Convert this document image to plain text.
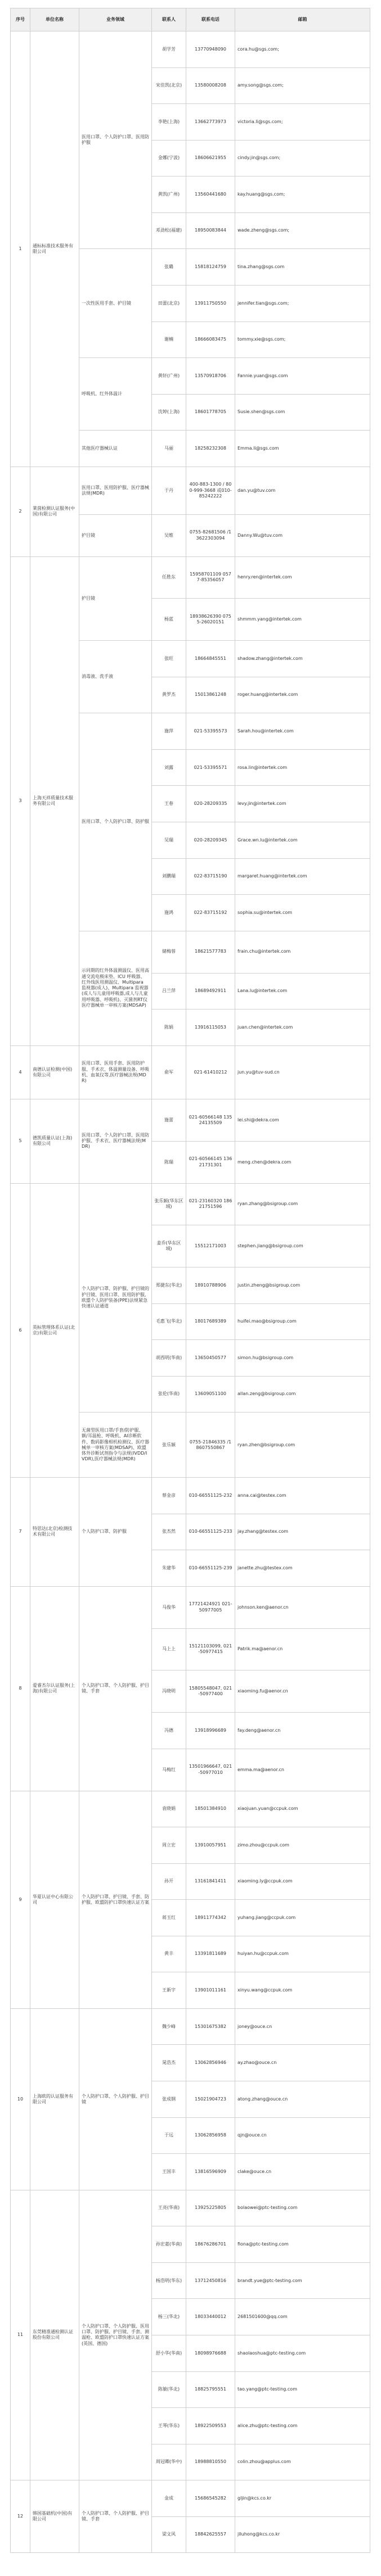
序号	单位名称	业务领域	联系人	联系电话	邮箱
1	通标标准技术服务有限公司	医用口罩、个人防护口罩、医用防护服	胡学芳	13770948090	cora.hu@sgs.com;
			宋佳凯(北京)	13580008208	amy.song@sgs.com;
			李艳(上海)	13662773973	victoria.li@sgs.com;
			金娜(宁波)	18606621955	cindy.jin@sgs.com;
			黄凯(广州)	13560441680	kay.huang@sgs.com;
			邓劲松(福建)	18950083844	wade.zheng@sgs.com;
		一次性医用手套、护目镜	张璐	15818124759	tina.zhang@sgs.com
			田蕾(北京)	13911750550	jennifer.tian@sgs.com;
			谢楠	18666083475	tommy.xie@sgs.com;
		呼吸机、红外体温计	黄轩(广州)	13570918706	Fannie.yuan@sgs.com
			沈婷(上海)	18601778705	Susie.shen@sgs.com
		其他医疗器械认证	马丽	18258232308	Emma.li@sgs.com
2	莱茵检测认证服务(中国)有限公司	医用口罩、医用防护服、医疗器械法规(MDR)	于丹	400-883-1300 / 800-999-3668 或010-85242222	dan.yu@tuv.com
		护目镜	吴维	0755-82681506 /13622303094	Danny.Wu@tuv.com
3	上海天祥质量技术服务有限公司	护目镜	任胜东	15958701109 0577-85356057	henry.ren@intertek.com
			杨蓝	18938626390 0755-26020151	shmmm.yang@intertek.com
		消毒液、洗手液	张旺	18664845551	shadow.zhang@intertek.com
			黄罗杰	15013861248	roger.huang@intertek.com
		医用口罩、个人防护口罩、防护服	施萍	021-53395573	Sarah.hou@intertek.com
			刘露	021-53395571	rosa.lin@intertek.com
			王春	020-28209335	levy.jin@intertek.com
			吴瑞	020-28209345	Grace.wn.lu@intertek.com
			刘鹏瑞	022-83715190	margaret.huang@intertek.com
			施鸿	022-83715192	sophia.su@intertek.com
		示同期的红外体温测温仪、医用高通交流电极床垫、ICU 呼吸器、红外线医用测温仪、Multipara 监视器(成人)、Multipara 监视器(成人与儿童用呼吸器,成人与儿童用呼吸器、呼吸机)、灭菌剂RT仪医疗器械单一审核方案(MDSAP)	储梅蓉	18621577783	frain.chu@intertek.com
			吕兰萍	18689492911	Lana.lu@intertek.com
			陈娟	13916115053	juan.chen@intertek.com
4	南德认证检测(中国)有限公司	医用口罩、医用手套、医用防护服、手术衣、体温测量设备、呼吸机、血氧仪等,医疗器械法规(MDR)	俞军	021-61410212	jun.yu@tuv-sud.cn
5	德凯质量认证(上海)有限公司	医用口罩、个人防护口罩、医用防护服、手术衣、医疗器械法规(MDR)	施蕾	021-60566148 13524135509	lei.shi@dekra.com
			陈瑞	021-60566145 13621731301	meng.chen@dekra.com
6	英标管理体系认证(北京)有限公司	个人防护口罩、防护服、护目镜的护目镜、医用口罩、医用防护服,欧盟个人防护装备(PPE)法规紧急快速认证通道	张乐颖(华东区域)	021-23160320 18621751596	ryan.zhang@bsigroup.com
			姜乔(华东区域)	15512171003	stephen.jiang@bsigroup.com
			郑捷东(华北)	18910788906	justin.zheng@bsigroup.com
			毛惠飞(华北)	18017689389	huifei.mao@bsigroup.com
			胡西明(华南)	13650450577	simon.hu@bsigroup.com
			张伦(华南)	13609051100	allan.zeng@bsigroup.com
		无菌型医用口罩/手套/防护服、额/耳温枪、呼吸机、AI诊断软件、数码影像相机检测仪、医疗器械单一审核方案(MDSAP)、欧盟体外诊断试剂指令与法规(IVDD/IVDR),医疗器械法规(MDR)	张乐颖	0755-21846335 /18607550867	ryan.zhen@bsigroup.com
7	特思达(北京)检测技术有限公司	个人防护口罩、防护服	蔡金彦	010-66551125-232	anna.cai@testex.com
			张杰然	010-66551125-233	jay.zhang@testex.com
			朱建华	010-66551125-239	janette.zhu@testex.com
8	爱睿杰尔认证服务(上海)有限公司	个人防护口罩、个人防护服、护目镜、手套	马俊华	17721424921 021-50977005	johnson.ken@aenor.cn
			马上上	15121103099, 021-50977415	Patrik.ma@aenor.cn
			冯晓明	15805548047, 021-50977400	xiaoming.fu@aenor.cn
			冯德	13918996689	fay.deng@aenor.cn
			马梅红	13501966647, 021-50977010	emma.ma@aenor.cn
9	华夏认证中心有限公司	个人防护口罩、护目镜、手套、防护服、欧盟防护口罩快速认证方案	袁晓娟	18501384910	xiaojuan.yuan@ccpuk.com
			周立宏	13910057951	zimo.zhou@ccpuk.com
			孙开	13161841411	xiaoming.ly@ccpuk.com
			蒋玉红	18911774342	yuhang.jiang@ccpuk.com
			黄丰	13391811689	huiyan.hu@ccpuk.com
			王新宇	13901011161	xinyu.wang@ccpuk.com
10	上海欧的认证服务有限公司	个人防护口罩、个人防护服、护目镜	魏少峰	15301675382	joney@ouce.cn
			晁浩杰	13062856946	ay.zhao@ouce.cn
			张成钢	15021904723	atong.zhang@ouce.cn
			于远	13062856958	qjn@ouce.cn
			王国丰	13816596909	clake@ouce.cn
11	东莞精准通检测认证股份有限公司	个人防护口罩、个人防护服、医用口罩、防护服、护目镜、手套、测温枪、欧盟防护口罩快速认证方案(英国、德国)	王亮(华南)	13925225805	bolaowei@ptc-testing.com
			孙宏嘉(华南)	18676286701	fiona@ptc-testing.com
			杨浩明(华东)	13712450816	brandt.yue@ptc-testing.com
			杨三(华北)	18033440012	2681501600@qq.com
			舒小华(华南)	18098976688	shaolaoshua@ptc-testing.com
			陈敏(华北)	18825795551	tao.yang@ptc-testing.com
			王琴(华东)	18922509553	alice.zhu@ptc-testing.com
			周冠卿(华中)	18988810550	colin.zhou@applus.com
12	韩国基础机(中国)有限公司	个人防护口罩、个人防护服、护目镜、手套	金成	15686545282	gljin@kcs.co.kr
			梁文风	18842625557	jiluhong@kcs.co.kr
